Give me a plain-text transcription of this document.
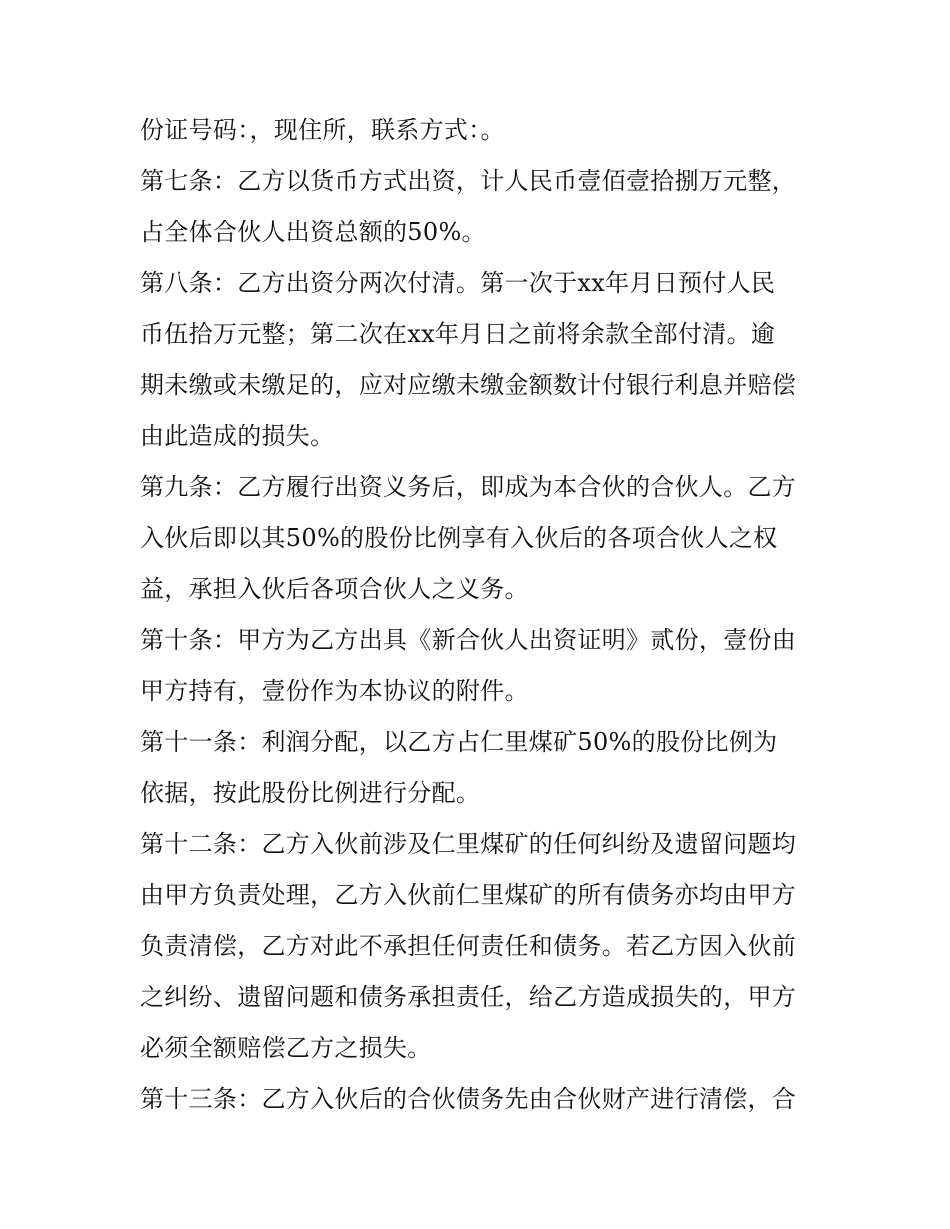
份证号码：，现住所，联系方式：。
第七条：乙方以货币方式出资，计人民币壹佰壹拾捌万元整，
占全体合伙人出资总额的50%。
第八条：乙方出资分两次付清。第一次于xx年月日预付人民
币伍拾万元整；第二次在xx年月日之前将余款全部付清。逾
期未缴或未缴足的，应对应缴未缴金额数计付银行利息并赔偿
由此造成的损失。
第九条：乙方履行出资义务后，即成为本合伙的合伙人。乙方
入伙后即以其50%的股份比例享有入伙后的各项合伙人之权
益，承担入伙后各项合伙人之义务。
第十条：甲方为乙方出具《新合伙人出资证明》贰份，壹份由
甲方持有，壹份作为本协议的附件。
第十一条：利润分配，以乙方占仁里煤矿50%的股份比例为
依据，按此股份比例进行分配。
第十二条：乙方入伙前涉及仁里煤矿的任何纠纷及遗留问题均
由甲方负责处理，乙方入伙前仁里煤矿的所有债务亦均由甲方
负责清偿，乙方对此不承担任何责任和债务。若乙方因入伙前
之纠纷、遗留问题和债务承担责任，给乙方造成损失的，甲方
必须全额赔偿乙方之损失。
第十三条：乙方入伙后的合伙债务先由合伙财产进行清偿，合
